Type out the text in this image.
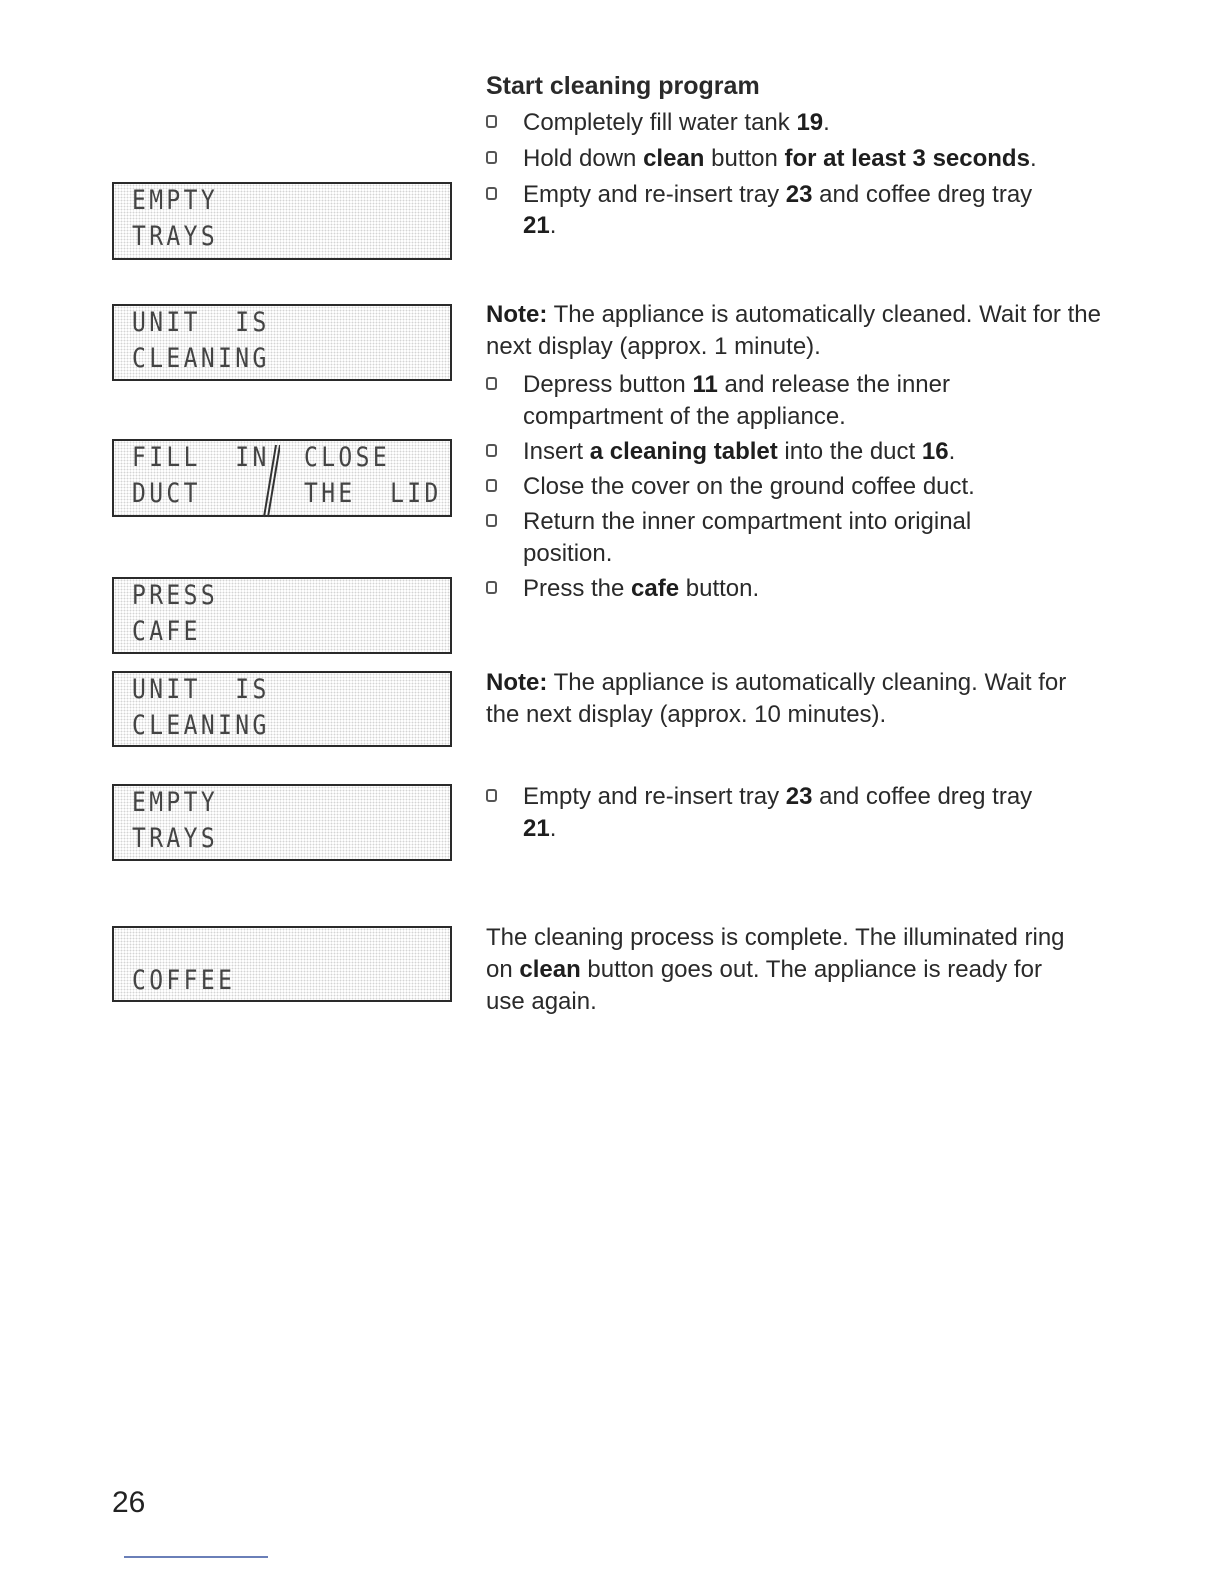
EMPTY
TRAYS
UNIT  IS
CLEANING
FILL  IN
DUCT
CLOSE
THE  LID
PRESS
CAFE
UNIT  IS
CLEANING
EMPTY
TRAYS
COFFEE
Start cleaning program
Completely fill water tank 19.
Hold down clean button for at least 3 seconds.
Empty and re-insert tray 23 and coffee dreg tray 21.

Note: The appliance is automatically cleaned. Wait for the next display (approx. 1 minute).

Depress button 11 and release the inner compartment of the appliance.
Insert a cleaning tablet into the duct 16.
Close the cover on the ground coffee duct.
Return the inner compartment into original position.
Press the cafe button.

Note: The appliance is automatically cleaning. Wait for the next display (approx. 10 minutes).

Empty and re-insert tray 23 and coffee dreg tray 21.

The cleaning process is complete. The illuminated ring on clean button goes out. The appliance is ready for use again.

26
